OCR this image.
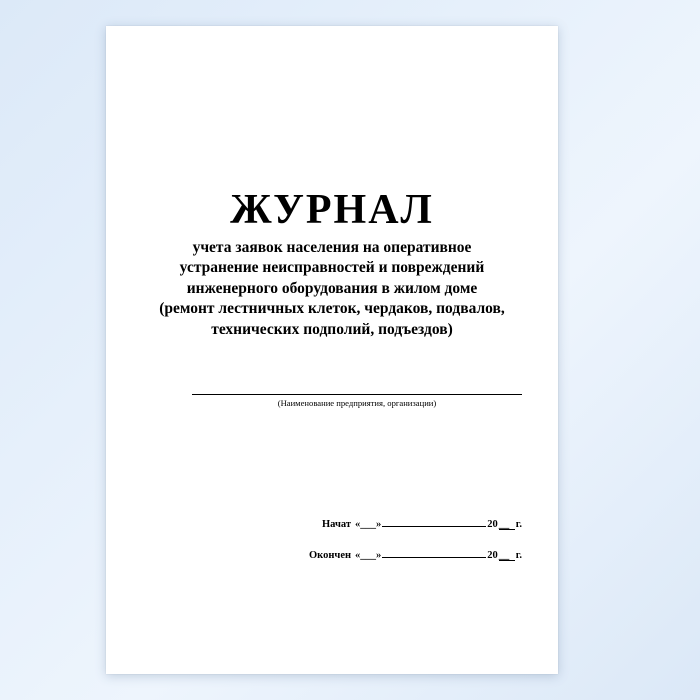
ЖУРНАЛ
учета заявок населения на оперативное
устранение неисправностей и повреждений
инженерного оборудования в жилом доме
(ремонт лестничных клеток, чердаков, подвалов,
технических подполий, подъездов)
(Наименование предприятия, организации)
Начат « ___ »	20 __ г.
Окончен « ___ »	20 __ г.
